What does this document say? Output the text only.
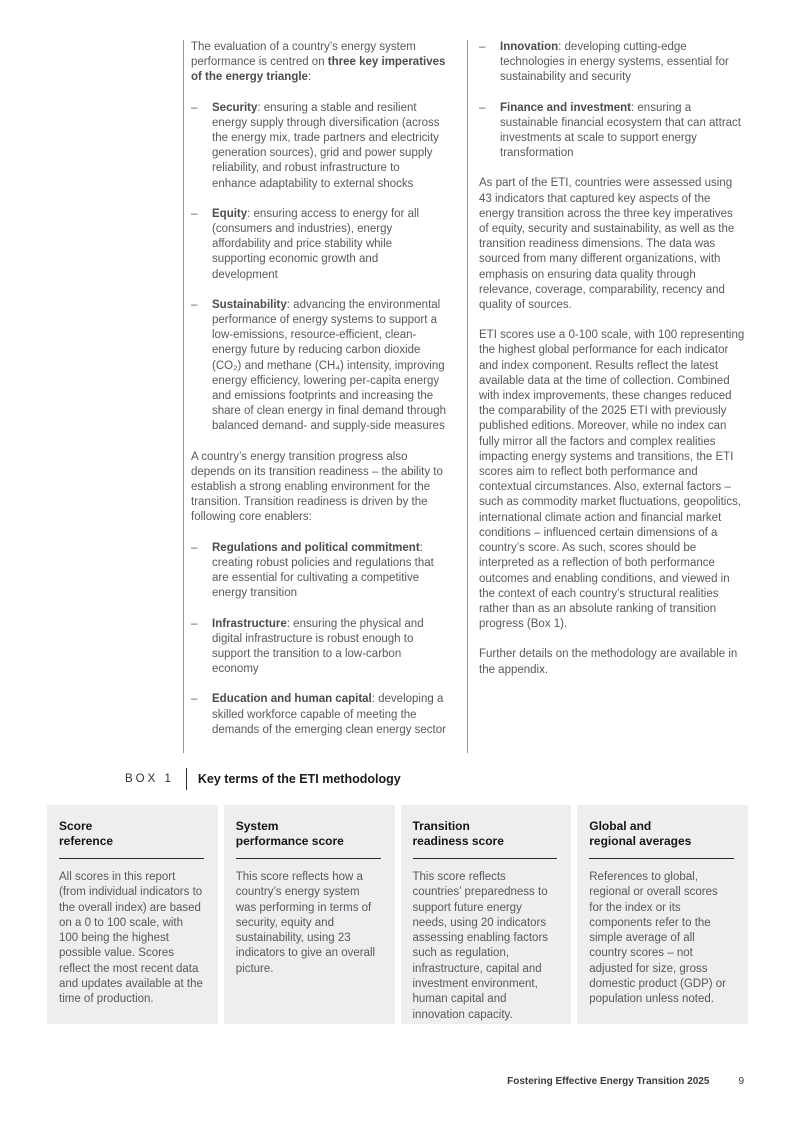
The evaluation of a country’s energy system performance is centred on three key imperatives of the energy triangle:

–	Security: ensuring a stable and resilient energy supply through diversification (across the energy mix, trade partners and electricity generation sources), grid and power supply reliability, and robust infrastructure to enhance adaptability to external shocks
–	Equity: ensuring access to energy for all (consumers and industries), energy affordability and price stability while supporting economic growth and development
–	Sustainability: advancing the environmental performance of energy systems to support a low-emissions, resource-efficient, clean-energy future by reducing carbon dioxide (CO₂) and methane (CH₄) intensity, improving energy efficiency, lowering per-capita energy and emissions footprints and increasing the share of clean energy in final demand through balanced demand- and supply-side measures

A country’s energy transition progress also depends on its transition readiness – the ability to establish a strong enabling environment for the transition. Transition readiness is driven by the following core enablers:

–	Regulations and political commitment: creating robust policies and regulations that are essential for cultivating a competitive energy transition
–	Infrastructure: ensuring the physical and digital infrastructure is robust enough to support the transition to a low-carbon economy
–	Education and human capital: developing a skilled workforce capable of meeting the demands of the emerging clean energy sector
–	Innovation: developing cutting-edge technologies in energy systems, essential for sustainability and security
–	Finance and investment: ensuring a sustainable financial ecosystem that can attract investments at scale to support energy transformation

As part of the ETI, countries were assessed using 43 indicators that captured key aspects of the energy transition across the three key imperatives of equity, security and sustainability, as well as the transition readiness dimensions. The data was sourced from many different organizations, with emphasis on ensuring data quality through relevance, coverage, comparability, recency and quality of sources.

ETI scores use a 0-100 scale, with 100 representing the highest global performance for each indicator and index component. Results reflect the latest available data at the time of collection. Combined with index improvements, these changes reduced the comparability of the 2025 ETI with previously published editions. Moreover, while no index can fully mirror all the factors and complex realities impacting energy systems and transitions, the ETI scores aim to reflect both performance and contextual circumstances. Also, external factors – such as commodity market fluctuations, geopolitics, international climate action and financial market conditions – influenced certain dimensions of a country’s score. As such, scores should be interpreted as a reflection of both performance outcomes and enabling conditions, and viewed in the context of each country’s structural realities rather than as an absolute ranking of transition progress (Box 1).

Further details on the methodology are available in the appendix.

BOX 1 Key terms of the ETI methodology
Score
reference
All scores in this report (from individual indicators to the overall index) are based on a 0 to 100 scale, with 100 being the highest possible value. Scores reflect the most recent data and updates available at the time of production.
System
performance score
This score reflects how a country’s energy system was performing in terms of security, equity and sustainability, using 23 indicators to give an overall picture.
Transition
readiness score
This score reflects countries’ preparedness to support future energy needs, using 20 indicators assessing enabling factors such as regulation, infrastructure, capital and investment environment, human capital and innovation capacity.
Global and
regional averages
References to global, regional or overall scores for the index or its components refer to the simple average of all country scores – not adjusted for size, gross domestic product (GDP) or population unless noted.
Fostering Effective Energy Transition 2025	9
